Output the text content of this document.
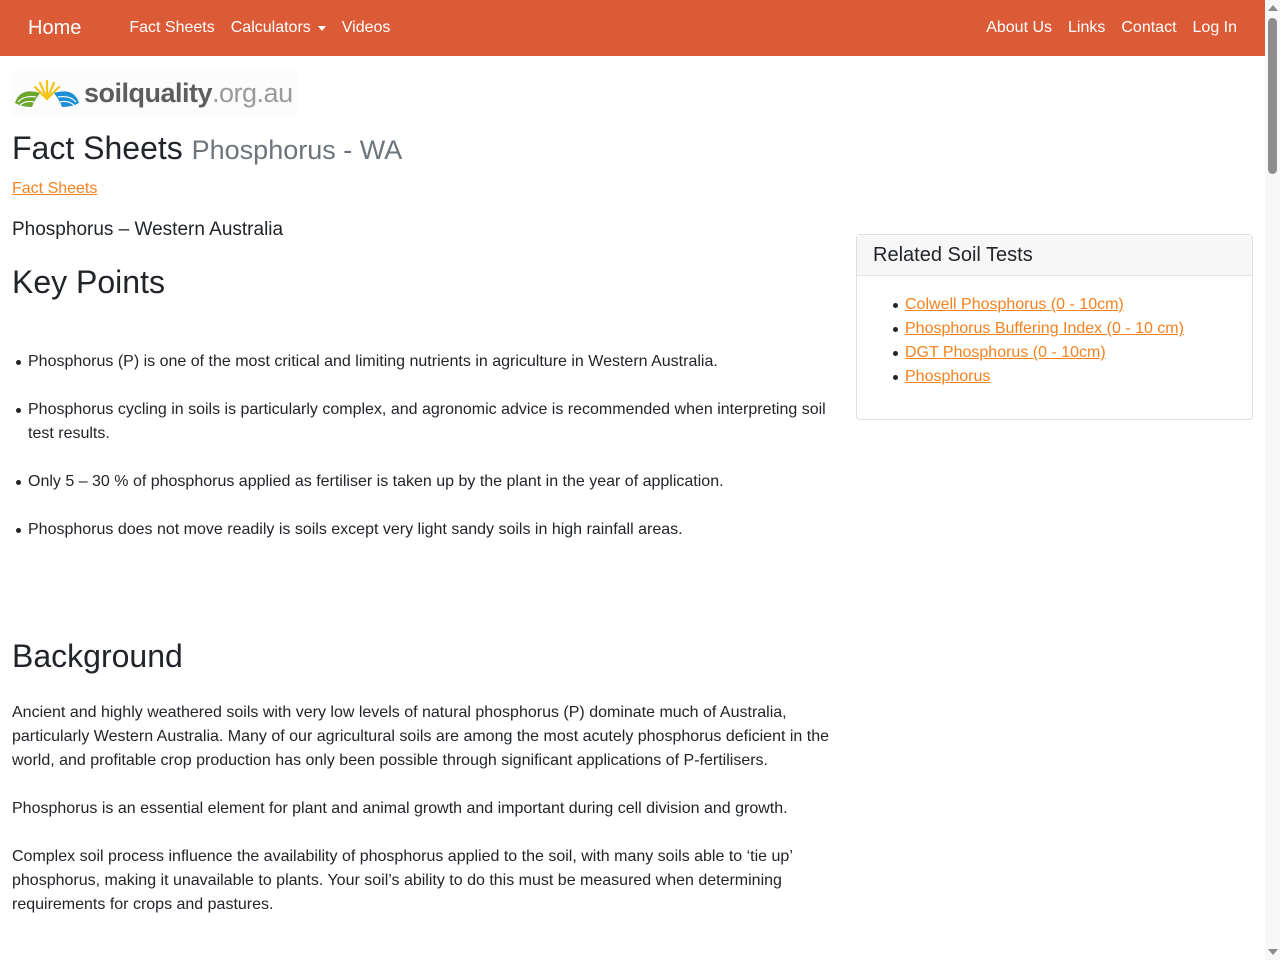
Home	Fact Sheets	Calculators	Videos	About Us	Links	Contact	Log In
soilquality.org.au
Fact Sheets Phosphorus - WA
Fact Sheets

Phosphorus – Western Australia

Key Points
Phosphorus (P) is one of the most critical and limiting nutrients in agriculture in Western Australia.
Phosphorus cycling in soils is particularly complex, and agronomic advice is recommended when interpreting soil test results.
Only 5 – 30 % of phosphorus applied as fertiliser is taken up by the plant in the year of application.
Phosphorus does not move readily is soils except very light sandy soils in high rainfall areas.
Background

Ancient and highly weathered soils with very low levels of natural phosphorus (P) dominate much of Australia, particularly Western Australia. Many of our agricultural soils are among the most acutely phosphorus deficient in the world, and profitable crop production has only been possible through significant applications of P-fertilisers.

Phosphorus is an essential element for plant and animal growth and important during cell division and growth.

Complex soil process influence the availability of phosphorus applied to the soil, with many soils able to ‘tie up’ phosphorus, making it unavailable to plants. Your soil’s ability to do this must be measured when determining requirements for crops and pastures.

Related Soil Tests
Colwell Phosphorus (0 - 10cm)
Phosphorus Buffering Index (0 - 10 cm)
DGT Phosphorus (0 - 10cm)
Phosphorus
